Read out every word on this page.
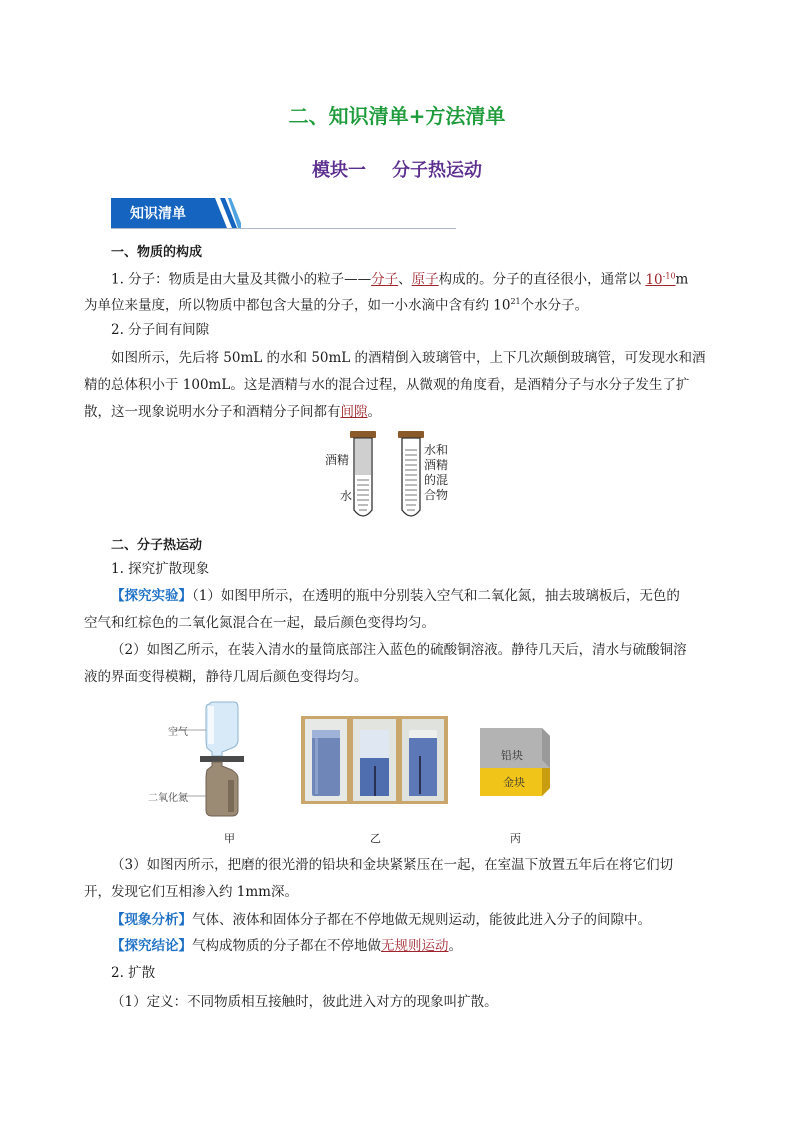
二、知识清单+方法清单
模块一 分子热运动
知识清单
一、物质的构成
1. 分子：物质是由大量及其微小的粒子——分子、原子构成的。分子的直径很小，通常以 $10^{-10}m$
为单位来量度，所以物质中都包含大量的分子，如一小水滴中含有约 $10^{21}$个水分子。
2. 分子间有间隙
如图所示，先后将 50mL 的水和 50mL 的酒精倒入玻璃管中，上下几次颠倒玻璃管，可发现水和酒
精的总体积小于 100mL。这是酒精与水的混合过程，从微观的角度看，是酒精分子与水分子发生了扩
散，这一现象说明水分子和酒精分子间都有间隙。
酒精
水
水和
酒精
的混
合物
二、分子热运动
1. 探究扩散现象
【探究实验】（1）如图甲所示，在透明的瓶中分别装入空气和二氧化氮，抽去玻璃板后，无色的
空气和红棕色的二氧化氮混合在一起，最后颜色变得均匀。
（2）如图乙所示，在装入清水的量筒底部注入蓝色的硫酸铜溶液。静待几天后，清水与硫酸铜溶
液的界面变得模糊，静待几周后颜色变得均匀。
空气
二氧化氮
铅块
金块
甲	乙	丙
（3）如图丙所示，把磨的很光滑的铅块和金块紧紧压在一起，在室温下放置五年后在将它们切
开，发现它们互相渗入约 1mm深。
【现象分析】气体、液体和固体分子都在不停地做无规则运动，能彼此进入分子的间隙中。
【探究结论】气构成物质的分子都在不停地做无规则运动。
2. 扩散
（1）定义：不同物质相互接触时，彼此进入对方的现象叫扩散。
